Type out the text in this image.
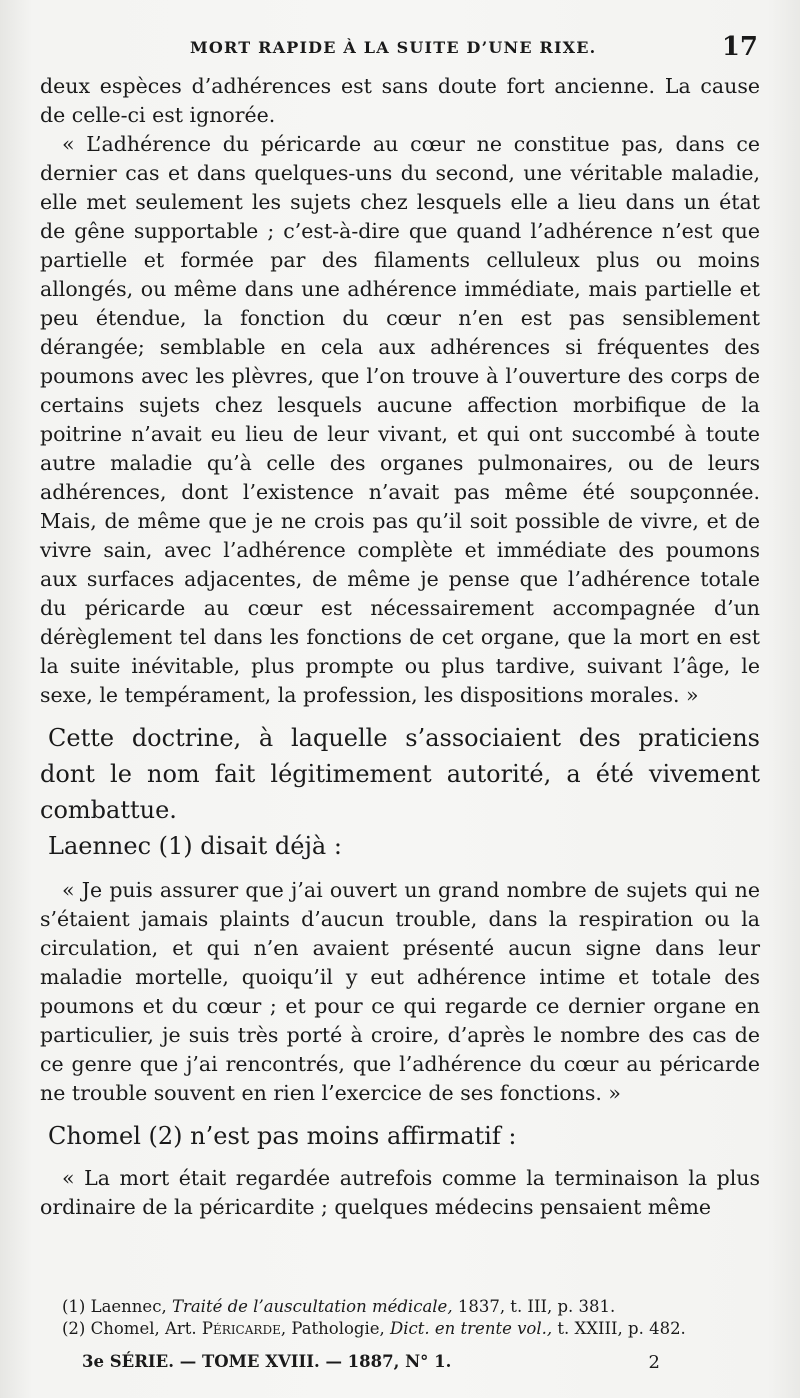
MORT RAPIDE À LA SUITE D’UNE RIXE.	17

deux espèces d’adhérences est sans doute fort ancienne. La cause de celle-ci est ignorée.

« L’adhérence du péricarde au cœur ne constitue pas, dans ce dernier cas et dans quelques-uns du second, une véritable maladie, elle met seulement les sujets chez lesquels elle a lieu dans un état de gêne supportable ; c’est-à-dire que quand l’adhérence n’est que partielle et formée par des filaments celluleux plus ou moins allongés, ou même dans une adhérence immédiate, mais partielle et peu étendue, la fonction du cœur n’en est pas sensiblement dérangée; semblable en cela aux adhérences si fréquentes des poumons avec les plèvres, que l’on trouve à l’ouverture des corps de certains sujets chez lesquels aucune affection morbifique de la poitrine n’avait eu lieu de leur vivant, et qui ont succombé à toute autre maladie qu’à celle des organes pulmonaires, ou de leurs adhérences, dont l’existence n’avait pas même été soupçonnée. Mais, de même que je ne crois pas qu’il soit possible de vivre, et de vivre sain, avec l’adhérence complète et immédiate des poumons aux surfaces adjacentes, de même je pense que l’adhérence totale du péricarde au cœur est nécessairement accompagnée d’un dérèglement tel dans les fonctions de cet organe, que la mort en est la suite inévitable, plus prompte ou plus tardive, suivant l’âge, le sexe, le tempérament, la profession, les dispositions morales. »

Cette doctrine, à laquelle s’associaient des praticiens dont le nom fait légitimement autorité, a été vivement combattue.

Laennec (1) disait déjà :

« Je puis assurer que j’ai ouvert un grand nombre de sujets qui ne s’étaient jamais plaints d’aucun trouble, dans la respiration ou la circulation, et qui n’en avaient présenté aucun signe dans leur maladie mortelle, quoiqu’il y eut adhérence intime et totale des poumons et du cœur ; et pour ce qui regarde ce dernier organe en particulier, je suis très porté à croire, d’après le nombre des cas de ce genre que j’ai rencontrés, que l’adhérence du cœur au péricarde ne trouble souvent en rien l’exercice de ses fonctions. »

Chomel (2) n’est pas moins affirmatif :

« La mort était regardée autrefois comme la terminaison la plus ordinaire de la péricardite ; quelques médecins pensaient même

(1) Laennec, Traité de l’auscultation médicale, 1837, t. III, p. 381.

(2) Chomel, Art. Péricarde, Pathologie, Dict. en trente vol., t. XXIII, p. 482.

3e SÉRIE. — TOME XVIII. — 1887, N° 1.	2
